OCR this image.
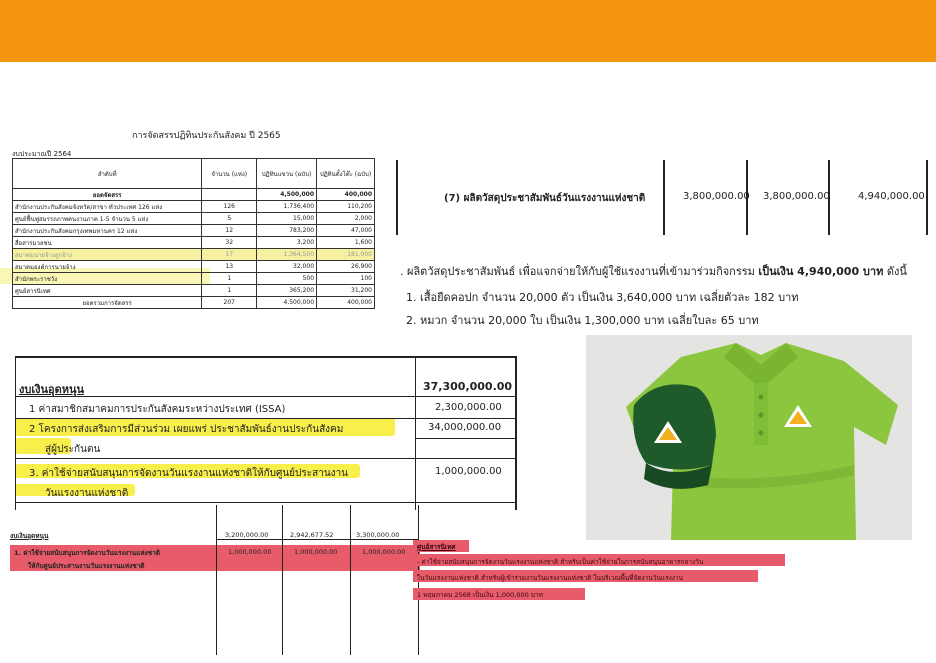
การจัดสรรปฏิทินประกันสังคม ปี 2565
งบประมาณปี 2564
ลำดับที่	จำนวน (แห่ง)	ปฏิทินแขวน (ฉบับ)	ปฏิทินตั้งโต๊ะ (ฉบับ)
ยอดจัดสรร		4,500,000	400,000
สำนักงานประกันสังคมจังหวัด/สาขา ทั่วประเทศ 126 แห่ง	126	1,736,400	110,200
ศูนย์ฟื้นฟูสมรรถภาพคนงานภาค 1-5 จำนวน 5 แห่ง	5	15,000	2,000
สำนักงานประกันสังคมกรุงเทพมหานคร 12 แห่ง	12	783,200	47,000
สื่อสารมวลชน	32	3,200	1,600
สมาคมนายจ้างลูกจ้าง	17	1,364,500	181,000
สมาคมองค์การนายจ้าง	13	32,000	26,900
สำนักพระราชวัง	1	500	100
ศูนย์สารนิเทศ	1	365,200	31,200
ยอดรวมการจัดสรร	207	4,500,000	400,000
(7) ผลิตวัสดุประชาสัมพันธ์วันแรงงานแห่งชาติ	3,800,000.00 3,800,000.00	4,940,000.00
. ผลิตวัสดุประชาสัมพันธ์ เพื่อแจกจ่ายให้กับผู้ใช้แรงงานที่เข้ามาร่วมกิจกรรม เป็นเงิน 4,940,000 บาท ดังนี้
1. เสื้อยืดคอปก จำนวน 20,000 ตัว เป็นเงิน 3,640,000 บาท เฉลี่ยตัวละ 182 บาท
2. หมวก จำนวน 20,000 ใบ เป็นเงิน 1,300,000 บาท เฉลี่ยใบละ 65 บาท
งบเงินอุดหนุน	37,300,000.00
1 ค่าสมาชิกสมาคมการประกันสังคมระหว่างประเทศ (ISSA)	2,300,000.00
2 โครงการส่งเสริมการมีส่วนร่วม เผยแพร่ ประชาสัมพันธ์งานประกันสังคม
สู่ผู้ประกันตน
34,000,000.00
3. ค่าใช้จ่ายสนับสนุนการจัดงานวันแรงงานแห่งชาติให้กับศูนย์ประสานงาน
วันแรงงานแห่งชาติ
1,000,000.00
งบเงินอุดหนุน	3,200,000.00	2,942,677.52	3,300,000.00
1. ค่าใช้จ่ายสนับสนุนการจัดงานวันแรงงานแห่งชาติ
ให้กับศูนย์ประสานงานวันแรงงานแห่งชาติ
1,000,000.00	1,000,000.00	1,000,000.00
ศูนย์สารนิเทศ
- ค่าใช้จ่ายสนับสนุนการจัดงานวันแรงงานแห่งชาติ สำหรับเป็นค่าใช้จ่ายในการสนับสนุนอาหารกลางวัน
ในวันแรงงานแห่งชาติ สำหรับผู้เข้าร่วมงานวันแรงงานแห่งชาติ ในบริเวณพื้นที่จัดงานวันแรงงาน
1 พฤษภาคม 2568 เป็นเงิน 1,000,000 บาท
